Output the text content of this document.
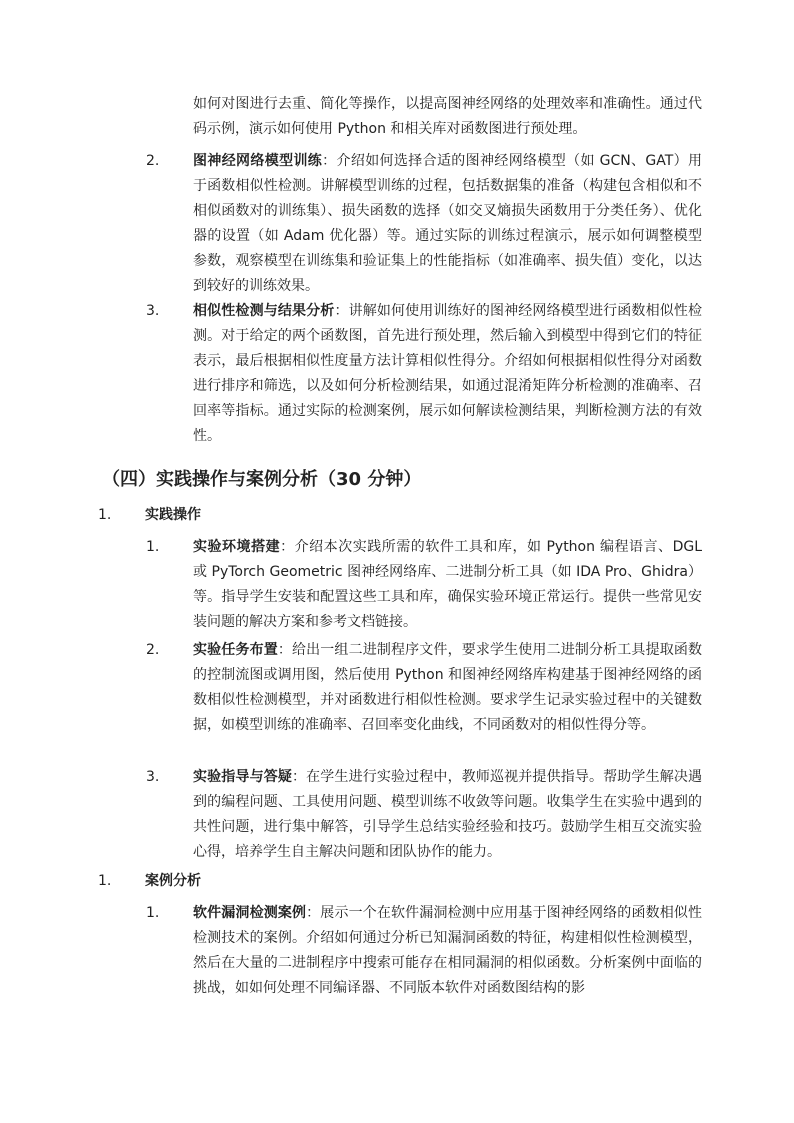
如何对图进行去重、简化等操作，以提高图神经网络的处理效率和准确性。通过代码示例，演示如何使用 Python 和相关库对函数图进行预处理。
2. 图神经网络模型训练：介绍如何选择合适的图神经网络模型（如 GCN、GAT）用于函数相似性检测。讲解模型训练的过程，包括数据集的准备（构建包含相似和不相似函数对的训练集）、损失函数的选择（如交叉熵损失函数用于分类任务）、优化器的设置（如 Adam 优化器）等。通过实际的训练过程演示，展示如何调整模型参数，观察模型在训练集和验证集上的性能指标（如准确率、损失值）变化，以达到较好的训练效果。
3. 相似性检测与结果分析：讲解如何使用训练好的图神经网络模型进行函数相似性检测。对于给定的两个函数图，首先进行预处理，然后输入到模型中得到它们的特征表示，最后根据相似性度量方法计算相似性得分。介绍如何根据相似性得分对函数进行排序和筛选，以及如何分析检测结果，如通过混淆矩阵分析检测的准确率、召回率等指标。通过实际的检测案例，展示如何解读检测结果，判断检测方法的有效性。
（四）实践操作与案例分析（30 分钟）
1. 实践操作
1. 实验环境搭建：介绍本次实践所需的软件工具和库，如 Python 编程语言、DGL 或 PyTorch Geometric 图神经网络库、二进制分析工具（如 IDA Pro、Ghidra）等。指导学生安装和配置这些工具和库，确保实验环境正常运行。提供一些常见安装问题的解决方案和参考文档链接。
2. 实验任务布置：给出一组二进制程序文件，要求学生使用二进制分析工具提取函数的控制流图或调用图，然后使用 Python 和图神经网络库构建基于图神经网络的函数相似性检测模型，并对函数进行相似性检测。要求学生记录实验过程中的关键数据，如模型训练的准确率、召回率变化曲线，不同函数对的相似性得分等。
3. 实验指导与答疑：在学生进行实验过程中，教师巡视并提供指导。帮助学生解决遇到的编程问题、工具使用问题、模型训练不收敛等问题。收集学生在实验中遇到的共性问题，进行集中解答，引导学生总结实验经验和技巧。鼓励学生相互交流实验心得，培养学生自主解决问题和团队协作的能力。
1. 案例分析
1. 软件漏洞检测案例：展示一个在软件漏洞检测中应用基于图神经网络的函数相似性检测技术的案例。介绍如何通过分析已知漏洞函数的特征，构建相似性检测模型，然后在大量的二进制程序中搜索可能存在相同漏洞的相似函数。分析案例中面临的挑战，如如何处理不同编译器、不同版本软件对函数图结构的影
